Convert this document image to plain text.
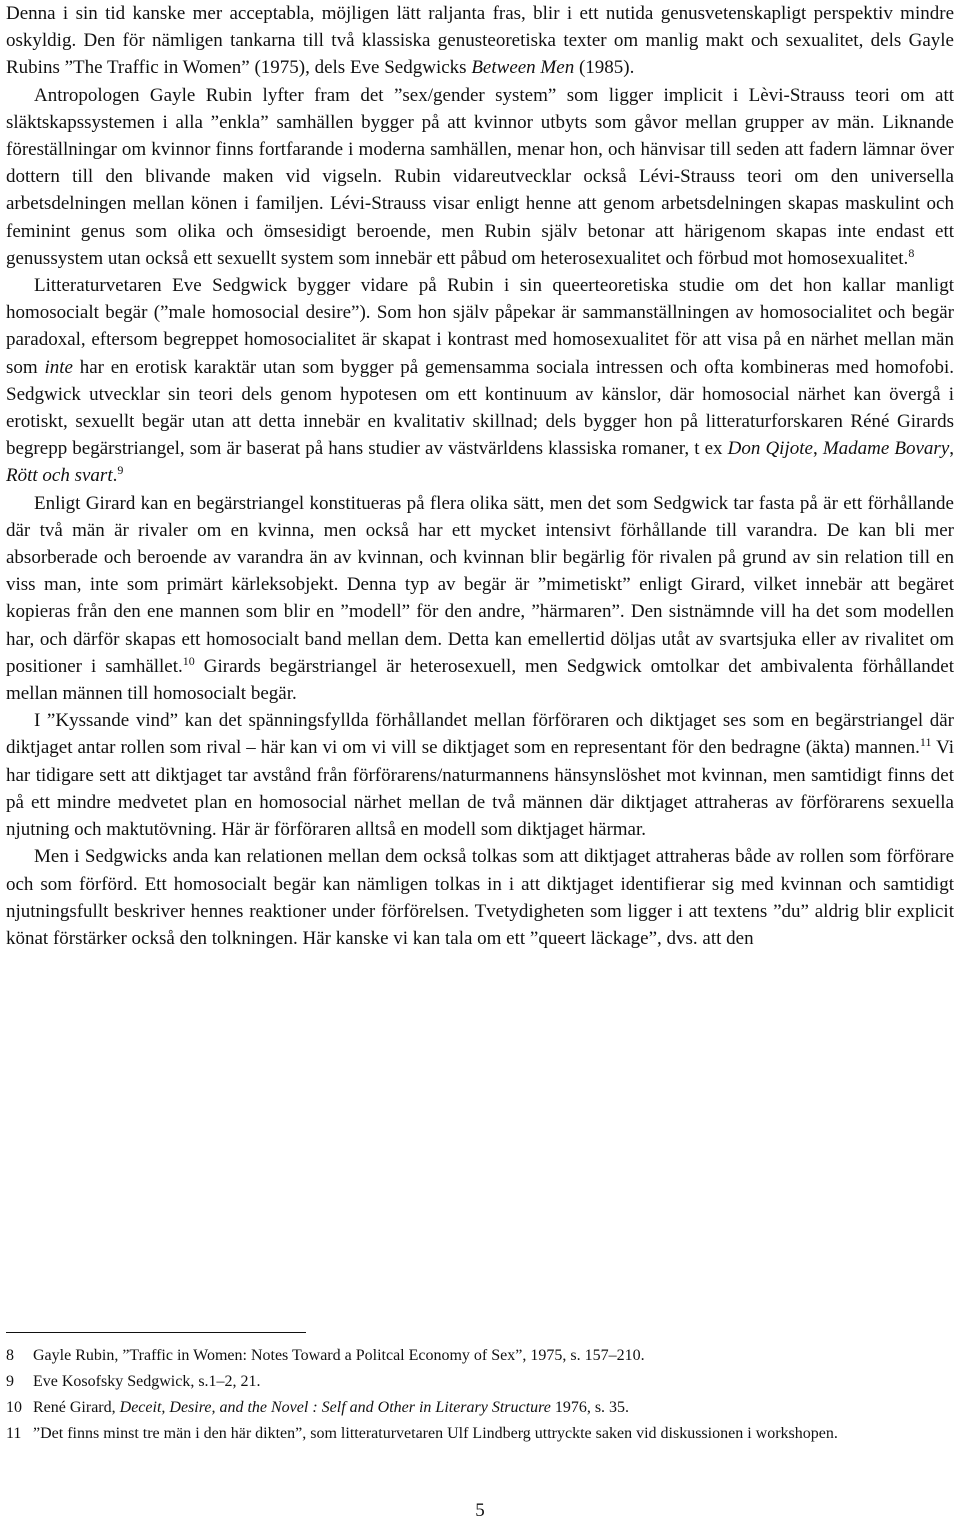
Denna i sin tid kanske mer acceptabla, möjligen lätt raljanta fras, blir i ett nutida genusvetenskapligt perspektiv mindre oskyldig. Den för nämligen tankarna till två klassiska genusteoretiska texter om manlig makt och sexualitet, dels Gayle Rubins ”The Traffic in Women” (1975), dels Eve Sedgwicks Between Men (1985).

Antropologen Gayle Rubin lyfter fram det ”sex/gender system” som ligger implicit i Lèvi-Strauss teori om att släktskapssystemen i alla ”enkla” samhällen bygger på att kvinnor utbyts som gåvor mellan grupper av män. Liknande föreställningar om kvinnor finns fortfarande i moderna samhällen, menar hon, och hänvisar till seden att fadern lämnar över dottern till den blivande maken vid vigseln. Rubin vidareutvecklar också Lévi-Strauss teori om den universella arbetsdelningen mellan könen i familjen. Lévi-Strauss visar enligt henne att genom arbetsdelningen skapas maskulint och feminint genus som olika och ömsesidigt beroende, men Rubin själv betonar att härigenom skapas inte endast ett genussystem utan också ett sexuellt system som innebär ett påbud om heterosexualitet och förbud mot homosexualitet.$^8$

Litteraturvetaren Eve Sedgwick bygger vidare på Rubin i sin queerteoretiska studie om det hon kallar manligt homosocialt begär (”male homosocial desire”). Som hon själv påpekar är sammanställningen av homosocialitet och begär paradoxal, eftersom begreppet homosocialitet är skapat i kontrast med homosexualitet för att visa på en närhet mellan män som inte har en erotisk karaktär utan som bygger på gemensamma sociala intressen och ofta kombineras med homofobi. Sedgwick utvecklar sin teori dels genom hypotesen om ett kontinuum av känslor, där homosocial närhet kan övergå i erotiskt, sexuellt begär utan att detta innebär en kvalitativ skillnad; dels bygger hon på litteraturforskaren Réné Girards begrepp begärstriangel, som är baserat på hans studier av västvärldens klassiska romaner, t ex Don Qijote, Madame Bovary, Rött och svart.$^9$

Enligt Girard kan en begärstriangel konstitueras på flera olika sätt, men det som Sedgwick tar fasta på är ett förhållande där två män är rivaler om en kvinna, men också har ett mycket intensivt förhållande till varandra. De kan bli mer absorberade och beroende av varandra än av kvinnan, och kvinnan blir begärlig för rivalen på grund av sin relation till en viss man, inte som primärt kärleksobjekt. Denna typ av begär är ”mimetiskt” enligt Girard, vilket innebär att begäret kopieras från den ene mannen som blir en ”modell” för den andre, ”härmaren”. Den sistnämnde vill ha det som modellen har, och därför skapas ett homosocialt band mellan dem. Detta kan emellertid döljas utåt av svartsjuka eller av rivalitet om positioner i samhället.$^{10}$ Girards begärstriangel är heterosexuell, men Sedgwick omtolkar det ambivalenta förhållandet mellan männen till homosocialt begär.

I ”Kyssande vind” kan det spänningsfyllda förhållandet mellan förföraren och diktjaget ses som en begärstriangel där diktjaget antar rollen som rival – här kan vi om vi vill se diktjaget som en representant för den bedragne (äkta) mannen.$^{11}$ Vi har tidigare sett att diktjaget tar avstånd från förförarens/naturmannens hänsynslöshet mot kvinnan, men samtidigt finns det på ett mindre medvetet plan en homosocial närhet mellan de två männen där diktjaget attraheras av förförarens sexuella njutning och maktutövning. Här är förföraren alltså en modell som diktjaget härmar.

Men i Sedgwicks anda kan relationen mellan dem också tolkas som att diktjaget attraheras både av rollen som förförare och som förförd. Ett homosocialt begär kan nämligen tolkas in i att diktjaget identifierar sig med kvinnan och samtidigt njutningsfullt beskriver hennes reaktioner under förförelsen. Tvetydigheten som ligger i att textens ”du” aldrig blir explicit könat förstärker också den tolkningen. Här kanske vi kan tala om ett ”queert läckage”, dvs. att den

8	Gayle Rubin, ”Traffic in Women: Notes Toward a Politcal Economy of Sex”, 1975, s. 157–210.
9	Eve Kosofsky Sedgwick, s.1–2, 21.
10 René Girard, Deceit, Desire, and the Novel : Self and Other in Literary Structure 1976, s. 35.
11 ”Det finns minst tre män i den här dikten”, som litteraturvetaren Ulf Lindberg uttryckte saken vid diskussionen i workshopen.
5
